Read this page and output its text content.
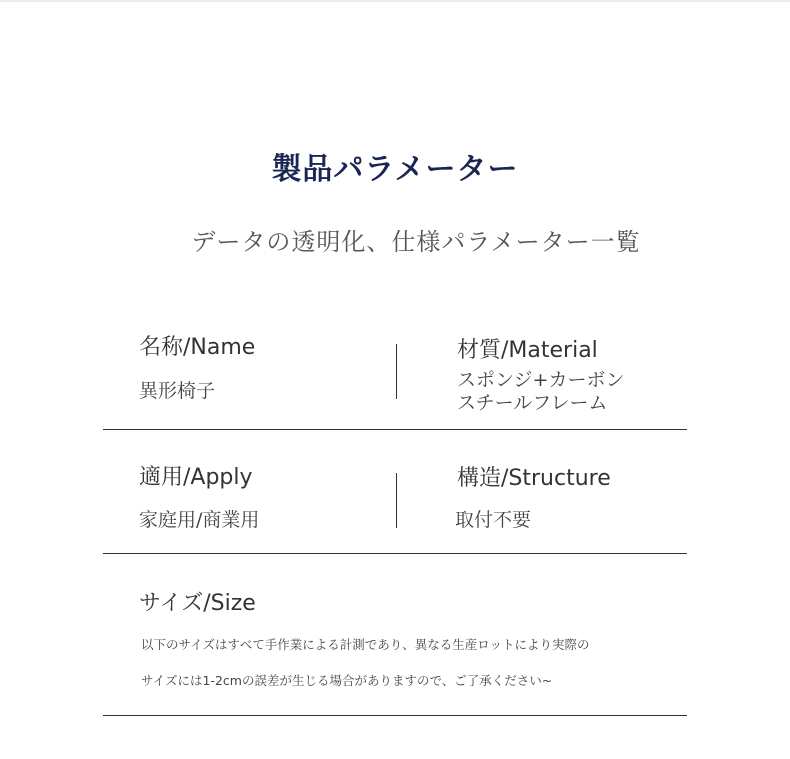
製品パラメーター
データの透明化、仕様パラメーター一覧
名称/Name
異形椅子
材質/Material
スポンジ+カーボン
スチールフレーム
適用/Apply
家庭用/商業用
構造/Structure
取付不要
サイズ/Size
以下のサイズはすべて手作業による計測であり、異なる生産ロットにより実際の
サイズには1-2cmの誤差が生じる場合がありますので、ご了承ください~
